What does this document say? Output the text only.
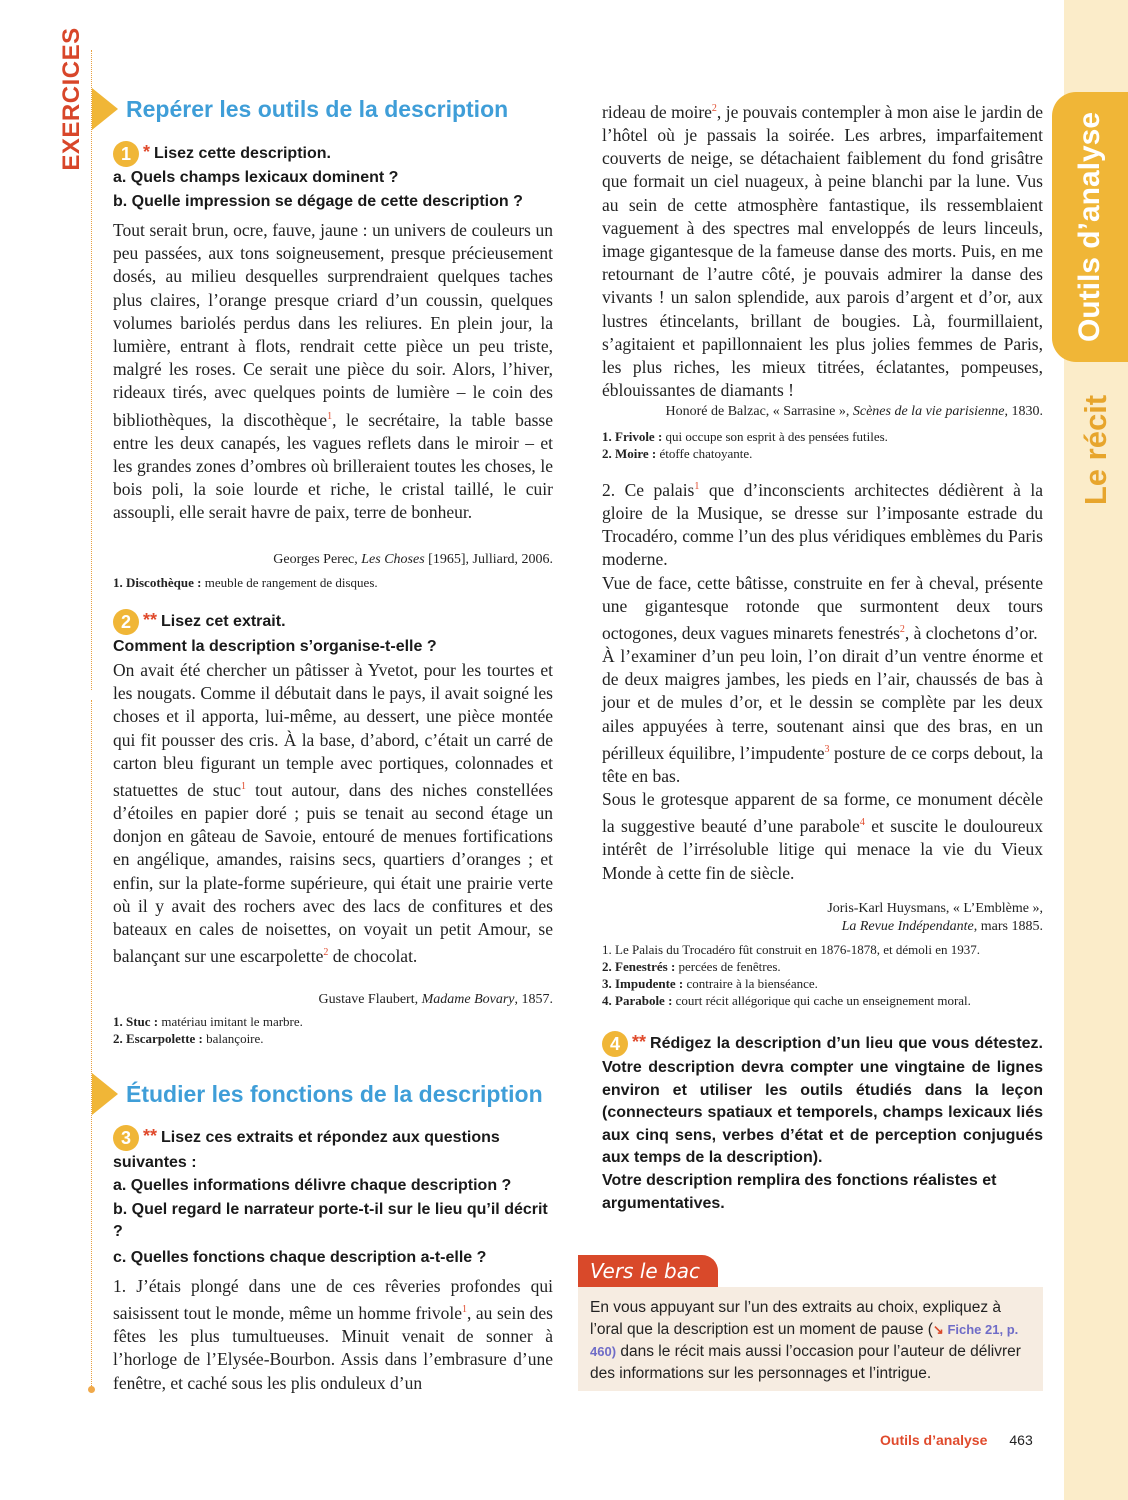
Outils d’analyse
Le récit
EXERCICES Repérer les outils de la description
1 * Lisez cette description.
a. Quels champs lexicaux dominent ?
b. Quelle impression se dégage de cette description ?
Tout serait brun, ocre, fauve, jaune : un univers de couleurs un peu passées, aux tons soigneusement, presque précieusement dosés, au milieu desquelles surprendraient quelques taches plus claires, l’orange presque criard d’un coussin, quelques volumes bariolés perdus dans les reliures. En plein jour, la lumière, entrant à flots, rendrait cette pièce un peu triste, malgré les roses. Ce serait une pièce du soir. Alors, l’hiver, rideaux tirés, avec quelques points de lumière – le coin des bibliothèques, la discothèque$^1$, le secrétaire, la table basse entre les deux canapés, les vagues reflets dans le miroir – et les grandes zones d’ombres où brilleraient toutes les choses, le bois poli, la soie lourde et riche, le cristal taillé, le cuir assoupli, elle serait havre de paix, terre de bonheur.
Georges Perec, Les Choses [1965], Julliard, 2006.
1. Discothèque : meuble de rangement de disques.
2 ** Lisez cet extrait.
Comment la description s’organise-t-elle ?
On avait été chercher un pâtisser à Yvetot, pour les tourtes et les nougats. Comme il débutait dans le pays, il avait soigné les choses et il apporta, lui-même, au dessert, une pièce montée qui fit pousser des cris. À la base, d’abord, c’était un carré de carton bleu figurant un temple avec portiques, colonnades et statuettes de stuc$^1$ tout autour, dans des niches constellées d’étoiles en papier doré ; puis se tenait au second étage un donjon en gâteau de Savoie, entouré de menues fortifications en angélique, amandes, raisins secs, quartiers d’oranges ; et enfin, sur la plate-forme supérieure, qui était une prairie verte où il y avait des rochers avec des lacs de confitures et des bateaux en cales de noisettes, on voyait un petit Amour, se balançant sur une escarpolette$^2$ de chocolat.
Gustave Flaubert, Madame Bovary, 1857.
1. Stuc : matériau imitant le marbre.
2. Escarpolette : balançoire.
Étudier les fonctions de la description
3 ** Lisez ces extraits et répondez aux questions suivantes :
a. Quelles informations délivre chaque description ?
b. Quel regard le narrateur porte-t-il sur le lieu qu’il décrit ?
c. Quelles fonctions chaque description a-t-elle ?
1. J’étais plongé dans une de ces rêveries profondes qui saisissent tout le monde, même un homme frivole$^1$, au sein des fêtes les plus tumultueuses. Minuit venait de sonner à l’horloge de l’Elysée-Bourbon. Assis dans l’embrasure d’une fenêtre, et caché sous les plis onduleux d’un
rideau de moire$^2$, je pouvais contempler à mon aise le jardin de l’hôtel où je passais la soirée. Les arbres, imparfaitement couverts de neige, se détachaient faiblement du fond grisâtre que formait un ciel nuageux, à peine blanchi par la lune. Vus au sein de cette atmosphère fantastique, ils ressemblaient vaguement à des spectres mal enveloppés de leurs linceuls, image gigantesque de la fameuse danse des morts. Puis, en me retournant de l’autre côté, je pouvais admirer la danse des vivants ! un salon splendide, aux parois d’argent et d’or, aux lustres étincelants, brillant de bougies. Là, fourmillaient, s’agitaient et papillonnaient les plus jolies femmes de Paris, les plus riches, les mieux titrées, éclatantes, pompeuses, éblouissantes de diamants !
Honoré de Balzac, « Sarrasine », Scènes de la vie parisienne, 1830.
1. Frivole : qui occupe son esprit à des pensées futiles.
2. Moire : étoffe chatoyante.

2. Ce palais$^1$ que d’inconscients architectes dédièrent à la gloire de la Musique, se dresse sur l’imposante estrade du Trocadéro, comme l’un des plus véridiques emblèmes du Paris moderne.

Vue de face, cette bâtisse, construite en fer à cheval, présente une gigantesque rotonde que surmontent deux tours octogones, deux vagues minarets fenestrés$^2$, à clochetons d’or.

À l’examiner d’un peu loin, l’on dirait d’un ventre énorme et de deux maigres jambes, les pieds en l’air, chaussés de bas à jour et de mules d’or, et le dessin se complète par les deux ailes appuyées à terre, soutenant ainsi que des bras, en un périlleux équilibre, l’impudente$^3$ posture de ce corps debout, la tête en bas.

Sous le grotesque apparent de sa forme, ce monument décèle la suggestive beauté d’une parabole$^4$ et suscite le douloureux intérêt de l’irrésoluble litige qui menace la vie du Vieux Monde à cette fin de siècle.

Joris-Karl Huysmans, « L’Emblème »,
La Revue Indépendante, mars 1885.
1. Le Palais du Trocadéro fût construit en 1876-1878, et démoli en 1937.
2. Fenestrés : percées de fenêtres.
3. Impudente : contraire à la bienséance.
4. Parabole : court récit allégorique qui cache un enseignement moral.
4 ** Rédigez la description d’un lieu que vous détestez. Votre description devra compter une vingtaine de lignes environ et utiliser les outils étudiés dans la leçon (connecteurs spatiaux et temporels, champs lexicaux liés aux cinq sens, verbes d’état et de perception conjugués aux temps de la description).
Votre description remplira des fonctions réalistes et argumentatives.
Vers le bac
En vous appuyant sur l’un des extraits au choix, expliquez à l’oral que la description est un moment de pause (↘ Fiche 21, p. 460) dans le récit mais aussi l’occasion pour l’auteur de délivrer des informations sur les personnages et l’intrigue.
Outils d’analyse 463
